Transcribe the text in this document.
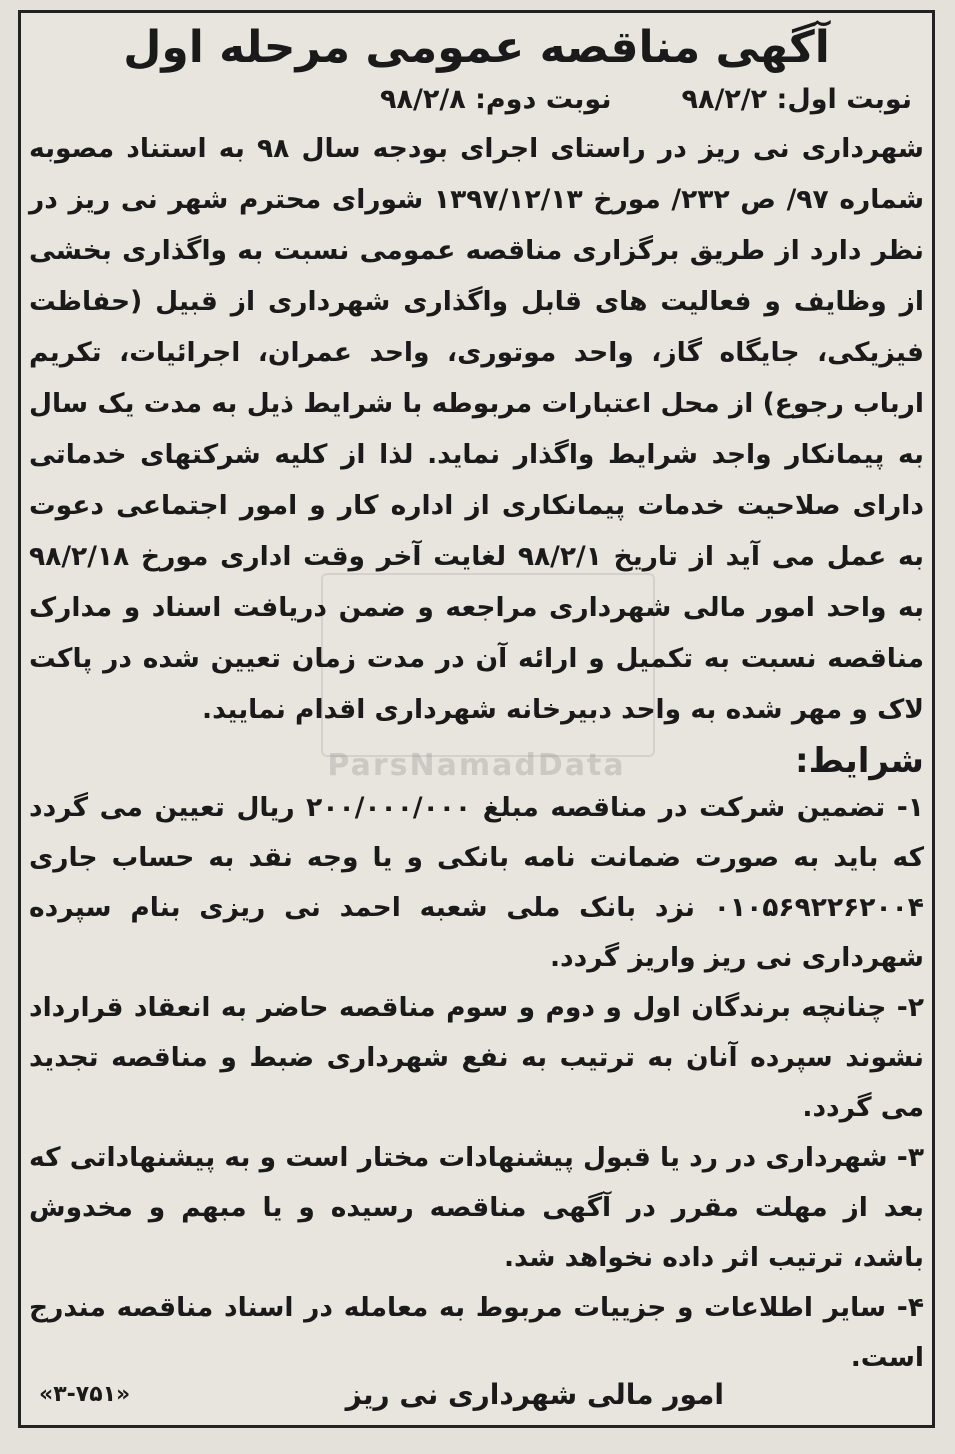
ParsNamadData
آگهی مناقصه عمومی مرحله اول
نوبت اول: ۹۸/۲/۲
نوبت دوم: ۹۸/۲/۸

شهرداری نی ریز در راستای اجرای بودجه سال ۹۸ به استناد مصوبه شماره ۹۷/ ص ۲۳۲/ مورخ ۱۳۹۷/۱۲/۱۳ شورای محترم شهر نی ریز در نظر دارد از طریق برگزاری مناقصه عمومی نسبت به واگذاری بخشی از وظایف و فعالیت های قابل واگذاری شهرداری از قبیل (حفاظت فیزیکی، جایگاه گاز، واحد موتوری، واحد عمران، اجرائیات، تکریم ارباب رجوع) از محل اعتبارات مربوطه با شرایط ذیل به مدت یک سال به پیمانکار واجد شرایط واگذار نماید. لذا از کلیه شرکتهای خدماتی دارای صلاحیت خدمات پیمانکاری از اداره کار و امور اجتماعی دعوت به عمل می آید از تاریخ ۹۸/۲/۱ لغایت آخر وقت اداری مورخ ۹۸/۲/۱۸ به واحد امور مالی شهرداری مراجعه و ضمن دریافت اسناد و مدارک مناقصه نسبت به تکمیل و ارائه آن در مدت زمان تعیین شده در پاکت لاک و مهر شده به واحد دبیرخانه شهرداری اقدام نمایید.

شرایط:

۱- تضمین شرکت در مناقصه مبلغ ۲۰۰/۰۰۰/۰۰۰ ریال تعیین می گردد که باید به صورت ضمانت نامه بانکی و یا وجه نقد به حساب جاری ۰۱۰۵۶۹۲۲۶۲۰۰۴ نزد بانک ملی شعبه احمد نی ریزی بنام سپرده شهرداری نی ریز واریز گردد.

۲- چنانچه برندگان اول و دوم و سوم مناقصه حاضر به انعقاد قرارداد نشوند سپرده آنان به ترتیب به نفع شهرداری ضبط و مناقصه تجدید می گردد.

۳- شهرداری در رد یا قبول پیشنهادات مختار است و به پیشنهاداتی که بعد از مهلت مقرر در آگهی مناقصه رسیده و یا مبهم و مخدوش باشد، ترتیب اثر داده نخواهد شد.

۴- سایر اطلاعات و جزییات مربوط به معامله در اسناد مناقصه مندرج است.

امور مالی شهرداری نی ریز
«۳-۷۵۱»
